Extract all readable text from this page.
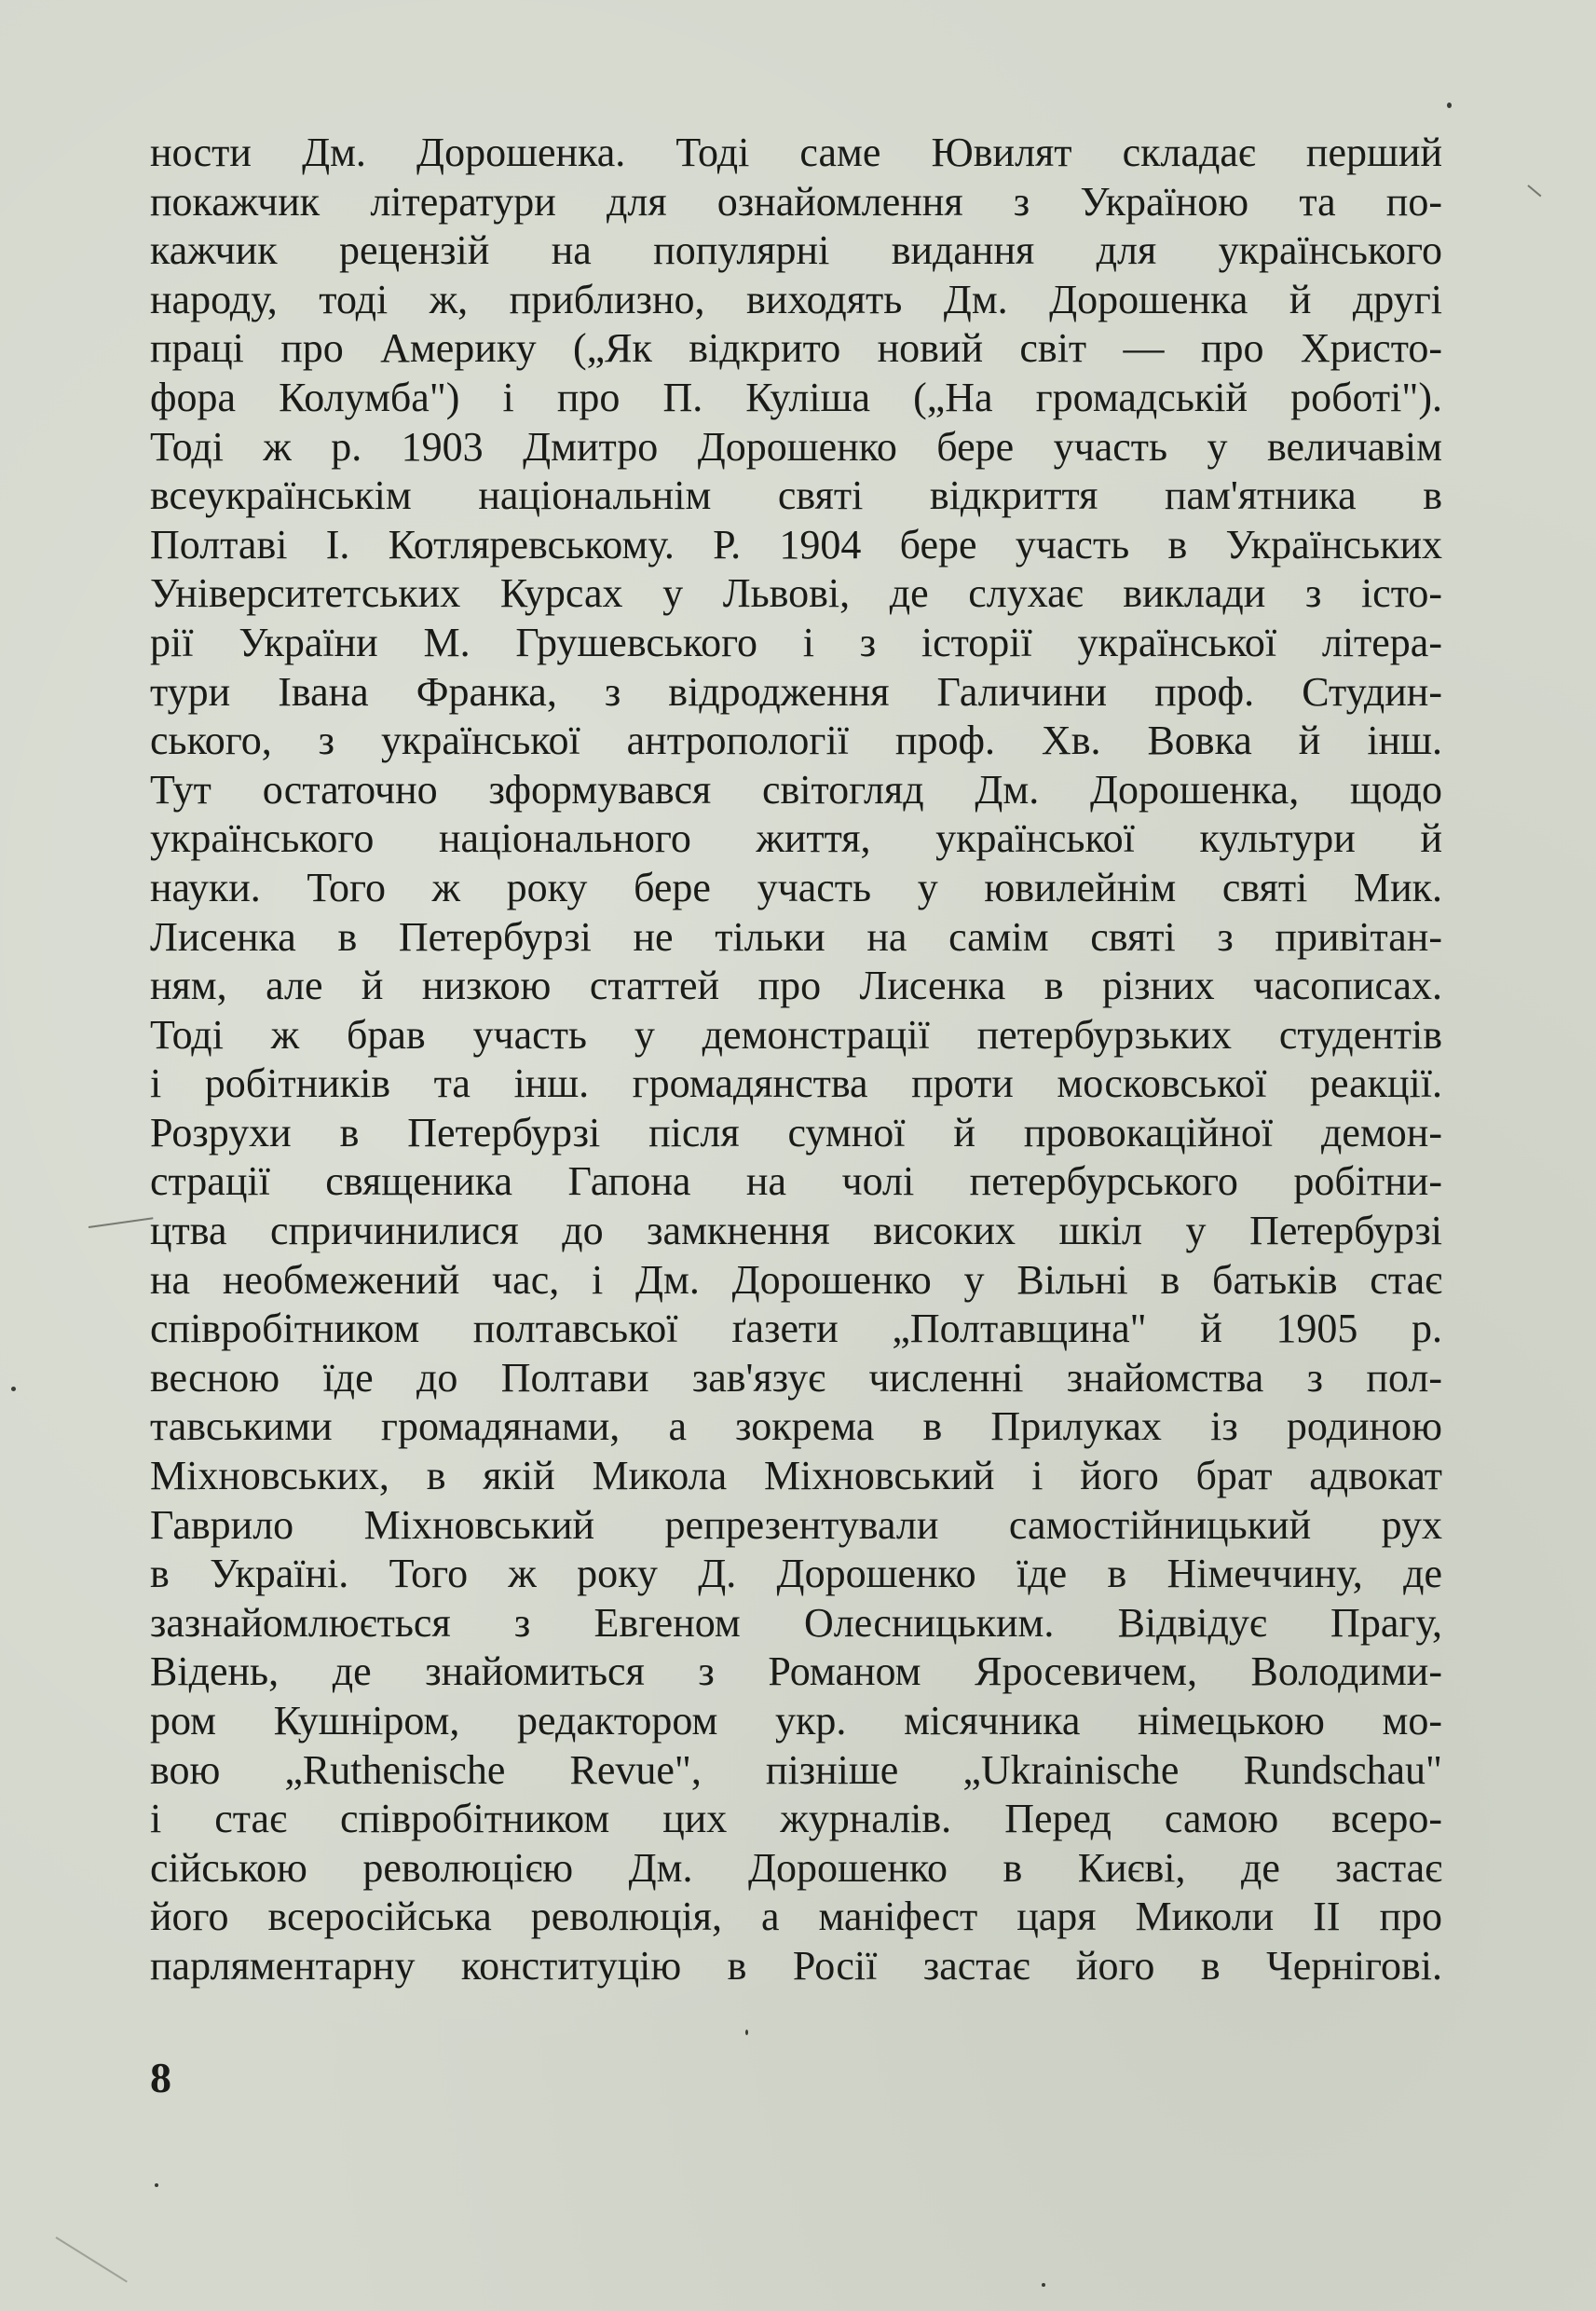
ности Дм. Дорошенка. Тоді саме Ювилят складає перший
покажчик літератури для ознайомлення з Україною та по-
кажчик рецензій на популярні видання для українського
народу, тоді ж, приблизно, виходять Дм. Дорошенка й другі
праці про Америку („Як відкрито новий світ — про Христо-
фора Колумба") і про П. Куліша („На громадській роботі").
Тоді ж р. 1903 Дмитро Дорошенко бере участь у величавім
всеукраїнськім національнім святі відкриття пам'ятника в
Полтаві І. Котляревському. Р. 1904 бере участь в Українських
Університетських Курсах у Львові, де слухає виклади з істо-
рії України М. Грушевського і з історії української літера-
тури Івана Франка, з відродження Галичини проф. Студин-
ського, з української антропології проф. Хв. Вовка й інш.
Тут остаточно зформувався світогляд Дм. Дорошенка, щодо
українського національного життя, української культури й
науки. Того ж року бере участь у ювилейнім святі Мик.
Лисенка в Петербурзі не тільки на самім святі з привітан-
ням, але й низкою статтей про Лисенка в різних часописах.
Тоді ж брав участь у демонстрації петербурзьких студентів
і робітників та інш. громадянства проти московської реакції.
Розрухи в Петербурзі після сумної й провокаційної демон-
страції священика Гапона на чолі петербурського робітни-
цтва спричинилися до замкнення високих шкіл у Петербурзі
на необмежений час, і Дм. Дорошенко у Вільні в батьків стає
співробітником полтавської ґазети „Полтавщина" й 1905 р.
весною їде до Полтави зав'язує численні знайомства з пол-
тавськими громадянами, а зокрема в Прилуках із родиною
Міхновських, в якій Микола Міхновський і його брат адвокат
Гаврило Міхновський репрезентували самостійницький рух
в Україні. Того ж року Д. Дорошенко їде в Німеччину, де
зазнайомлюється з Евгеном Олесницьким. Відвідує Прагу,
Відень, де знайомиться з Романом Яросевичем, Володими-
ром Кушніром, редактором укр. місячника німецькою мо-
вою „Ruthenische Revue", пізніше „Ukrainische Rundschau"
і стає співробітником цих журналів. Перед самою всеро-
сійською революцією Дм. Дорошенко в Києві, де застає
його всеросійська революція, а маніфест царя Миколи II про
парляментарну конституцію в Росії застає його в Чернігові.
8
